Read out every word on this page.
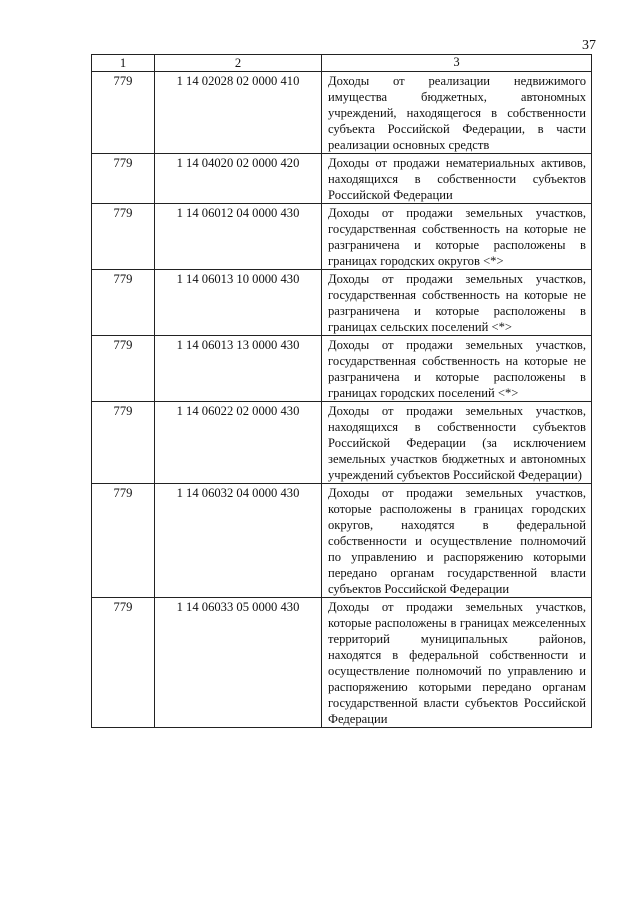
37
1	2	3
779	1 14 02028 02 0000 410	Доходы от реализации недвижимого имущества бюджетных, автономных учреждений, находящегося в собственности субъекта Российской Федерации, в части реализации основных средств
779	1 14 04020 02 0000 420	Доходы от продажи нематериальных активов, находящихся в собственности субъектов Российской Федерации
779	1 14 06012 04 0000 430	Доходы от продажи земельных участков, государственная собственность на которые не разграничена и которые расположены в границах городских округов <*>
779	1 14 06013 10 0000 430	Доходы от продажи земельных участков, государственная собственность на которые не разграничена и которые расположены в границах сельских поселений <*>
779	1 14 06013 13 0000 430	Доходы от продажи земельных участков, государственная собственность на которые не разграничена и которые расположены в границах городских поселений <*>
779	1 14 06022 02 0000 430	Доходы от продажи земельных участков, находящихся в собственности субъектов Российской Федерации (за исключением земельных участков бюджетных и автономных учреждений субъектов Российской Федерации)
779	1 14 06032 04 0000 430	Доходы от продажи земельных участков, которые расположены в границах городских округов, находятся в федеральной собственности и осуществление полномочий по управлению и распоряжению которыми передано органам государственной власти субъектов Российской Федерации
779	1 14 06033 05 0000 430	Доходы от продажи земельных участков, которые расположены в границах межселенных территорий муниципальных районов, находятся в федеральной собственности и осуществление полномочий по управлению и распоряжению которыми передано органам государственной власти субъектов Российской Федерации
